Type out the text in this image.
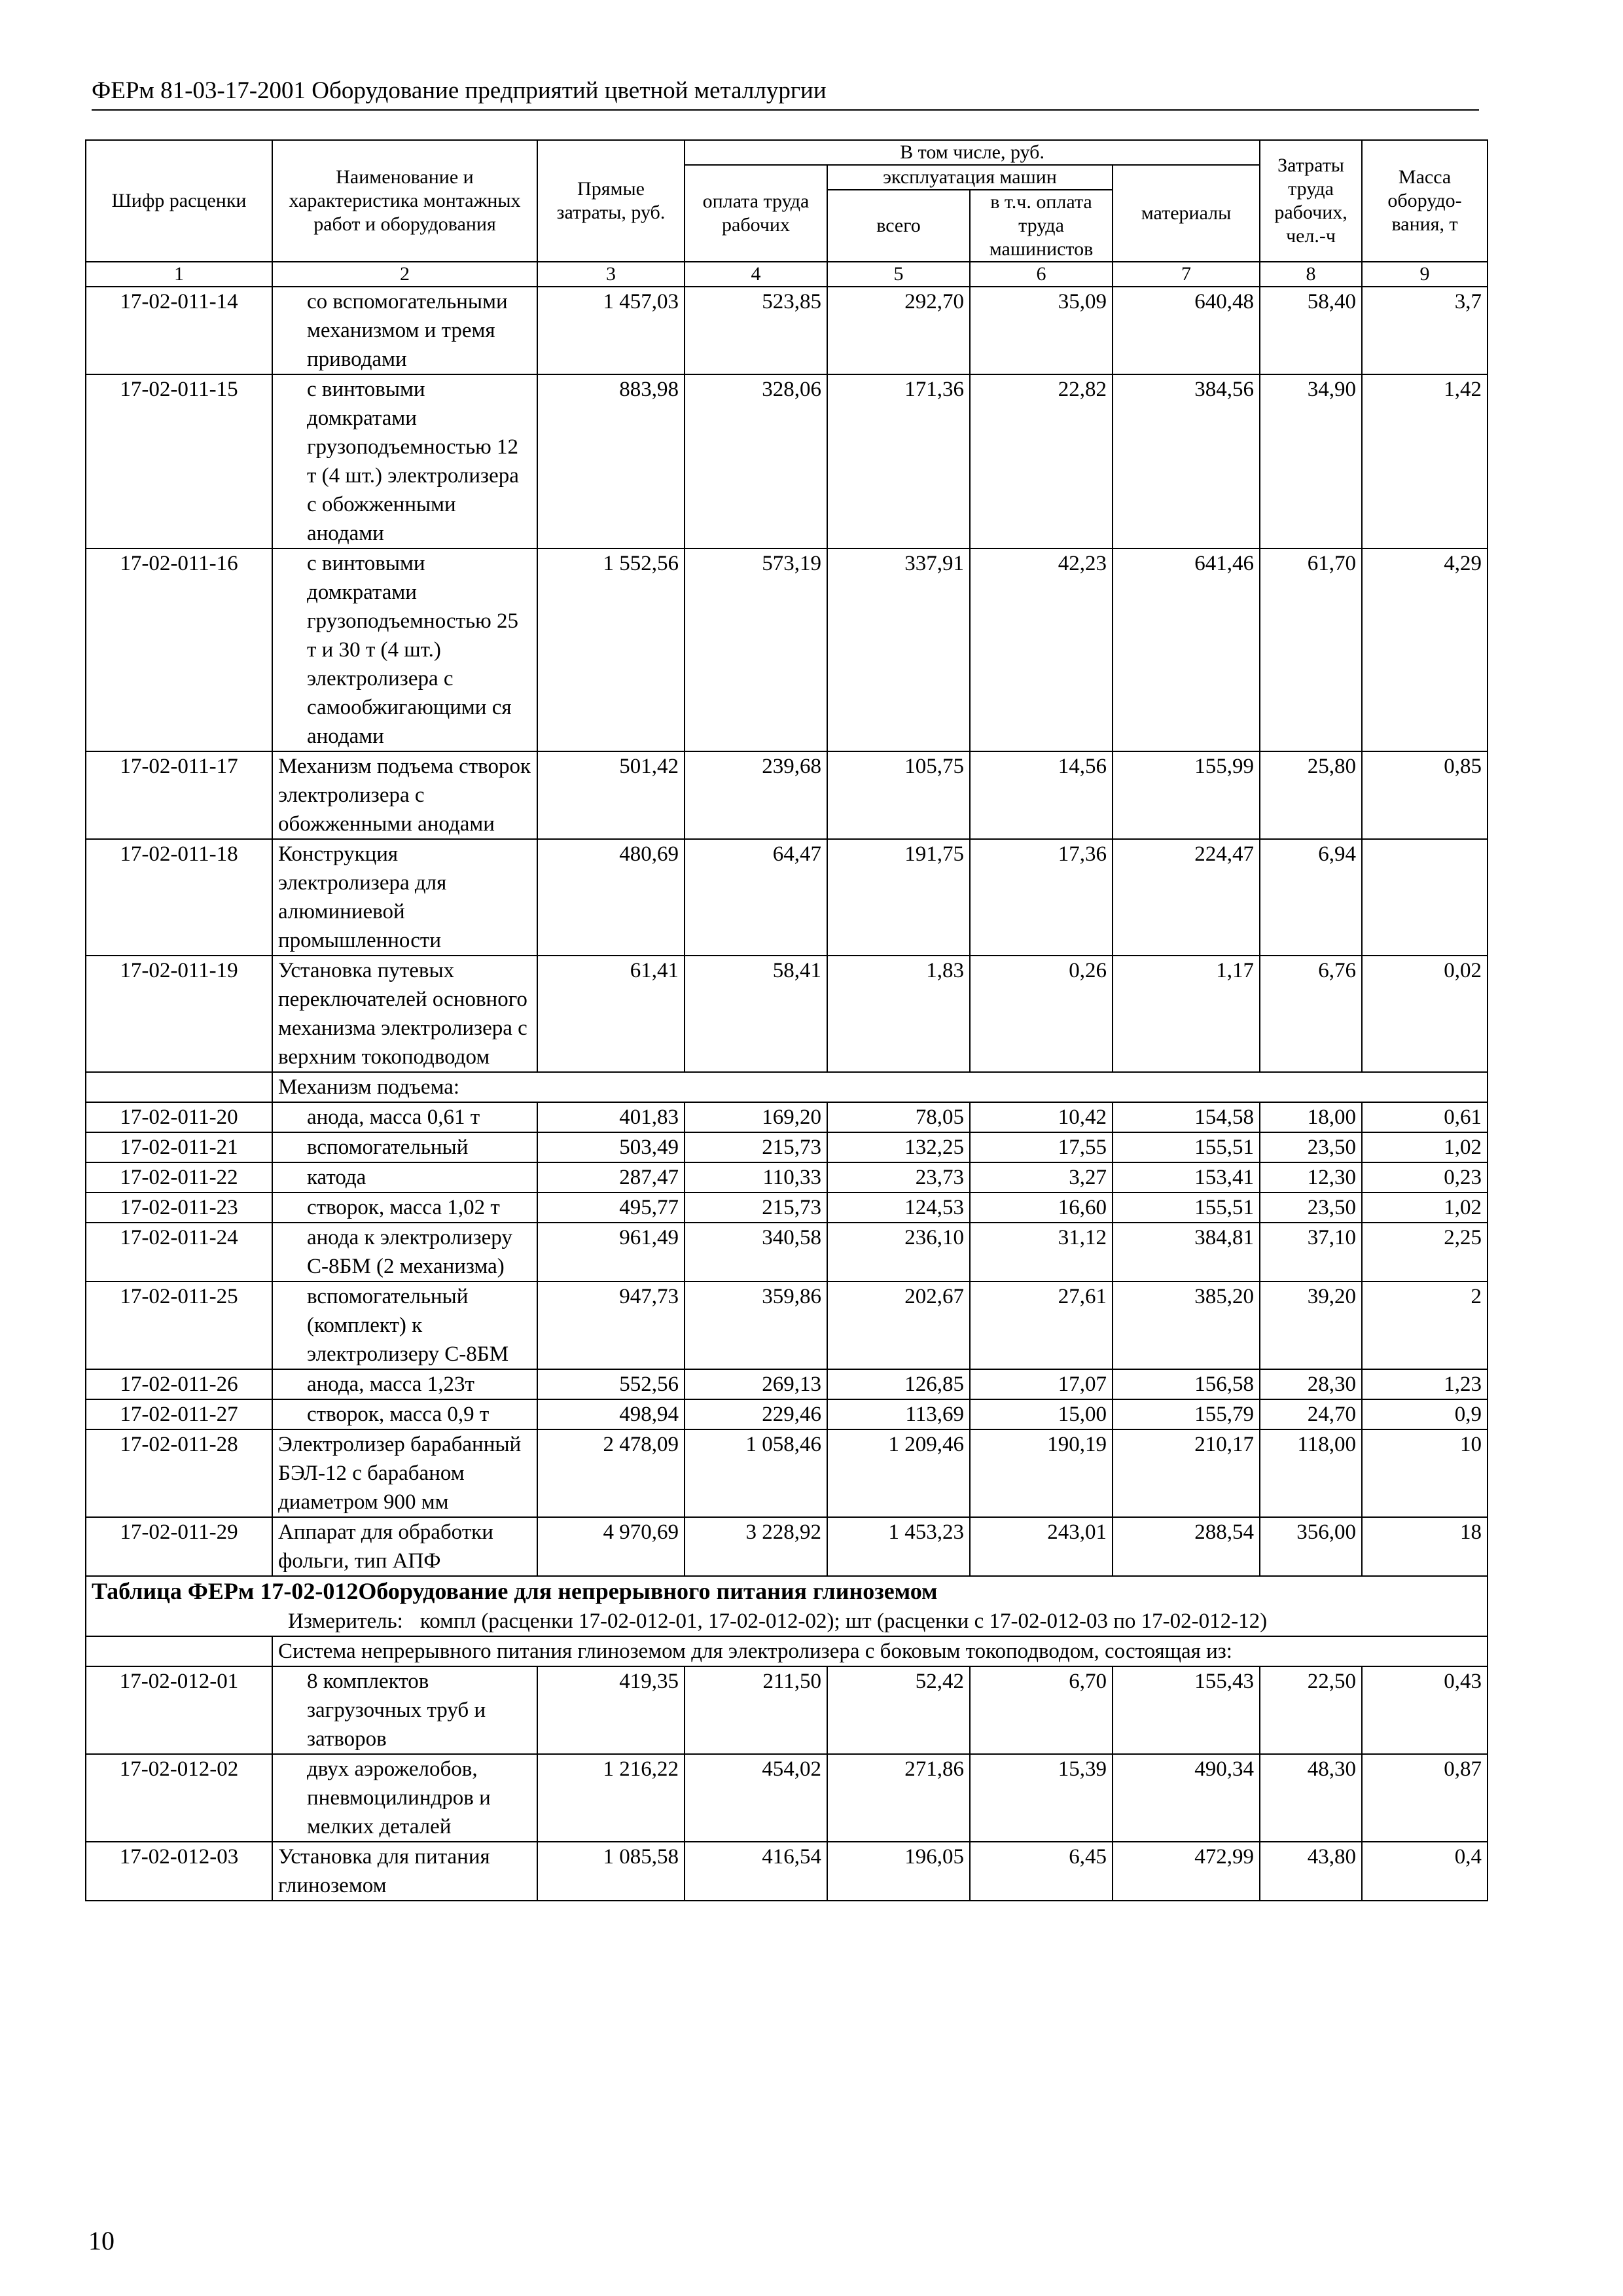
ФЕРм 81-03-17-2001 Оборудование предприятий цветной металлургии
Шифр расценки	Наименование и характеристика монтажных работ и оборудования	Прямые затраты, руб.	В том числе, руб.				Затраты труда рабочих, чел.-ч	Масса оборудо-вания, т
			оплата труда рабочих	эксплуатация машин		материалы		
				всего	в т.ч. оплата труда машинистов			
1	2	3	4	5	6	7	8	9
17-02-011-14	со вспомогательными механизмом и тремя приводами	1 457,03	523,85	292,70	35,09	640,48	58,40	3,7
17-02-011-15	с винтовыми домкратами грузоподъемностью 12 т (4 шт.) электролизера с обожженными анодами	883,98	328,06	171,36	22,82	384,56	34,90	1,42
17-02-011-16	с винтовыми домкратами грузоподъемностью 25 т и 30 т (4 шт.) электролизера с самообжигающими ся анодами	1 552,56	573,19	337,91	42,23	641,46	61,70	4,29
17-02-011-17	Механизм подъема створок электролизера с обожженными анодами	501,42	239,68	105,75	14,56	155,99	25,80	0,85
17-02-011-18	Конструкция электролизера для алюминиевой промышленности	480,69	64,47	191,75	17,36	224,47	6,94	
17-02-011-19	Установка путевых переключателей основного механизма электролизера с верхним токоподводом	61,41	58,41	1,83	0,26	1,17	6,76	0,02
	Механизм подъема:							
17-02-011-20	анода, масса 0,61 т	401,83	169,20	78,05	10,42	154,58	18,00	0,61
17-02-011-21	вспомогательный	503,49	215,73	132,25	17,55	155,51	23,50	1,02
17-02-011-22	катода	287,47	110,33	23,73	3,27	153,41	12,30	0,23
17-02-011-23	створок, масса 1,02 т	495,77	215,73	124,53	16,60	155,51	23,50	1,02
17-02-011-24	анода к электролизеру С-8БМ (2 механизма)	961,49	340,58	236,10	31,12	384,81	37,10	2,25
17-02-011-25	вспомогательный (комплект) к электролизеру С-8БМ	947,73	359,86	202,67	27,61	385,20	39,20	2
17-02-011-26	анода, масса 1,23т	552,56	269,13	126,85	17,07	156,58	28,30	1,23
17-02-011-27	створок, масса 0,9 т	498,94	229,46	113,69	15,00	155,79	24,70	0,9
17-02-011-28	Электролизер барабанный БЭЛ-12 с барабаном диаметром 900 мм	2 478,09	1 058,46	1 209,46	190,19	210,17	118,00	10
17-02-011-29	Аппарат для обработки фольги, тип АПФ	4 970,69	3 228,92	1 453,23	243,01	288,54	356,00	18
Таблица ФЕРм 17-02-012Оборудование для непрерывного питания глиноземом
Измеритель: компл (расценки 17-02-012-01, 17-02-012-02); шт (расценки с 17-02-012-03 по 17-02-012-12)								

	Система непрерывного питания глиноземом для электролизера с боковым токоподводом, состоящая из:							
17-02-012-01	8 комплектов загрузочных труб и затворов	419,35	211,50	52,42	6,70	155,43	22,50	0,43
17-02-012-02	двух аэрожелобов, пневмоцилиндров и мелких деталей	1 216,22	454,02	271,86	15,39	490,34	48,30	0,87
17-02-012-03	Установка для питания глиноземом	1 085,58	416,54	196,05	6,45	472,99	43,80	0,4
10
